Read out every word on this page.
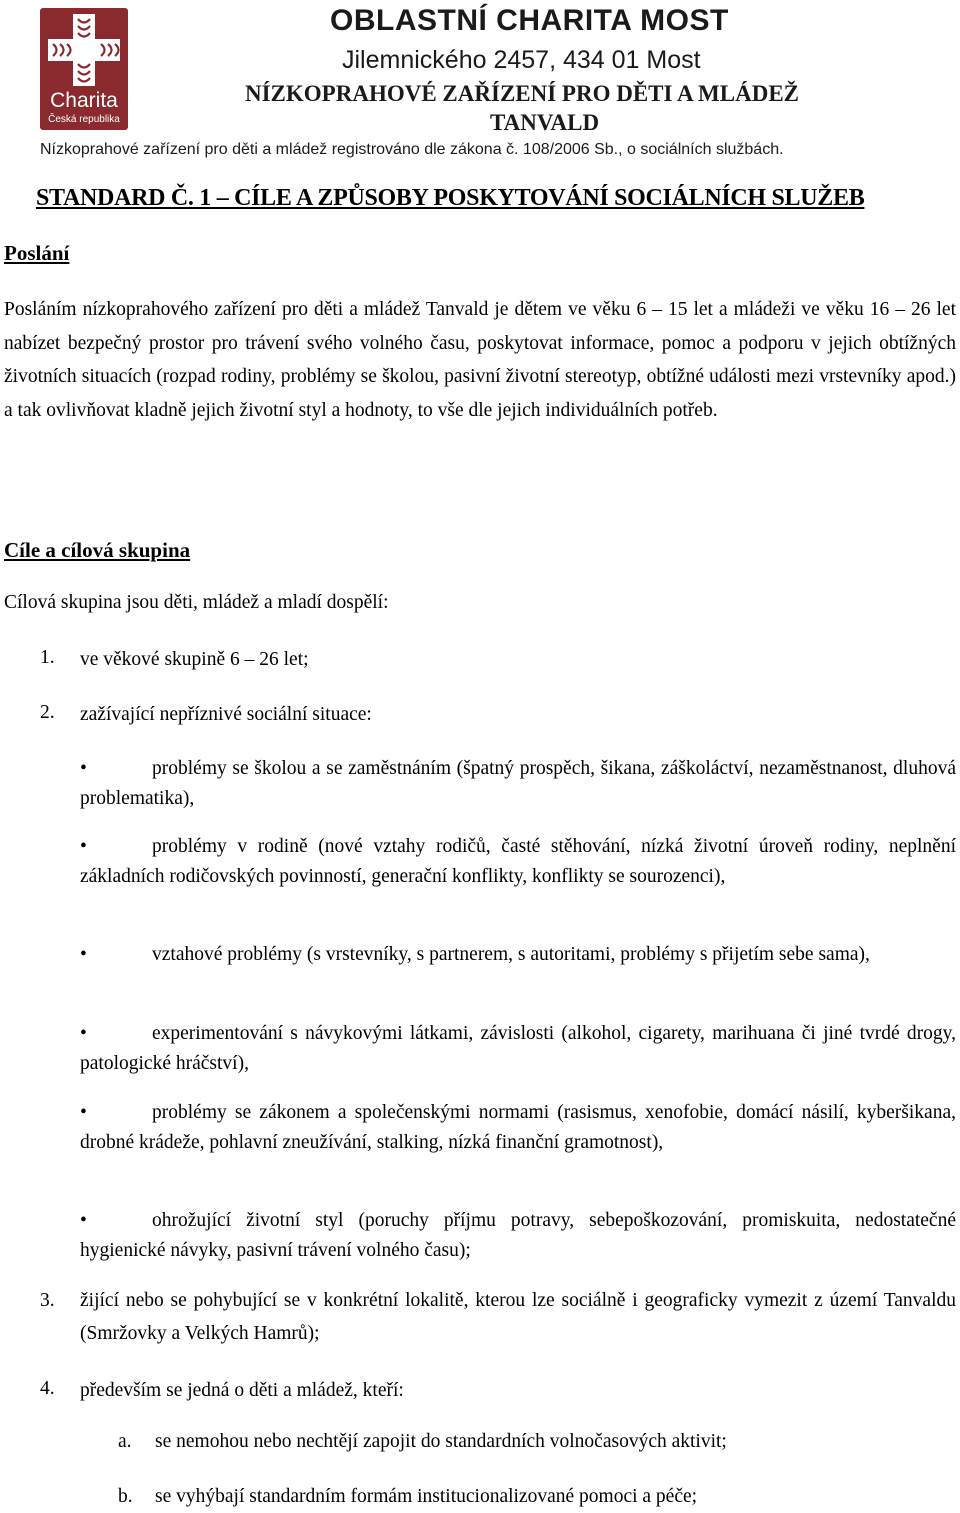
Charita
Česká republika
OBLASTNÍ CHARITA MOST
Jilemnického 2457, 434 01 Most
NÍZKOPRAHOVÉ ZAŘÍZENÍ PRO DĚTI A MLÁDEŽ
TANVALD
Nízkoprahové zařízení pro děti a mládež registrováno dle zákona č. 108/2006 Sb., o sociálních službách.
STANDARD Č. 1 – CÍLE A ZPŮSOBY POSKYTOVÁNÍ SOCIÁLNÍCH SLUŽEB
Poslání
Posláním nízkoprahového zařízení pro děti a mládež Tanvald je dětem ve věku 6 – 15 let a mládeži ve věku 16 – 26 let nabízet bezpečný prostor pro trávení svého volného času, poskytovat informace, pomoc a podporu v jejich obtížných životních situacích (rozpad rodiny, problémy se školou, pasivní životní stereotyp, obtížné události mezi vrstevníky apod.) a tak ovlivňovat kladně jejich životní styl a hodnoty, to vše dle jejich individuálních potřeb.
Cíle a cílová skupina
Cílová skupina jsou děti, mládež a mladí dospělí:
1. ve věkové skupině 6 – 26 let;
2. zažívající nepříznivé sociální situace:
•	problémy se školou a se zaměstnáním (špatný prospěch, šikana, záškoláctví, nezaměstnanost, dluhová problematika),
•	problémy v rodině (nové vztahy rodičů, časté stěhování, nízká životní úroveň rodiny, neplnění základních rodičovských povinností, generační konflikty, konflikty se sourozenci),
•	vztahové problémy (s vrstevníky, s partnerem, s autoritami, problémy s přijetím sebe sama),
•	experimentování s návykovými látkami, závislosti (alkohol, cigarety, marihuana či jiné tvrdé drogy, patologické hráčství),
•	problémy se zákonem a společenskými normami (rasismus, xenofobie, domácí násilí, kyberšikana, drobné krádeže, pohlavní zneužívání, stalking, nízká finanční gramotnost),
•	ohrožující životní styl (poruchy příjmu potravy, sebepoškozování, promiskuita, nedostatečné hygienické návyky, pasivní trávení volného času);
3. žijící nebo se pohybující se v konkrétní lokalitě, kterou lze sociálně i geograficky vymezit z území Tanvaldu (Smržovky a Velkých Hamrů);
4. především se jedná o děti a mládež, kteří:
a. se nemohou nebo nechtějí zapojit do standardních volnočasových aktivit;
b. se vyhýbají standardním formám institucionalizované pomoci a péče;
